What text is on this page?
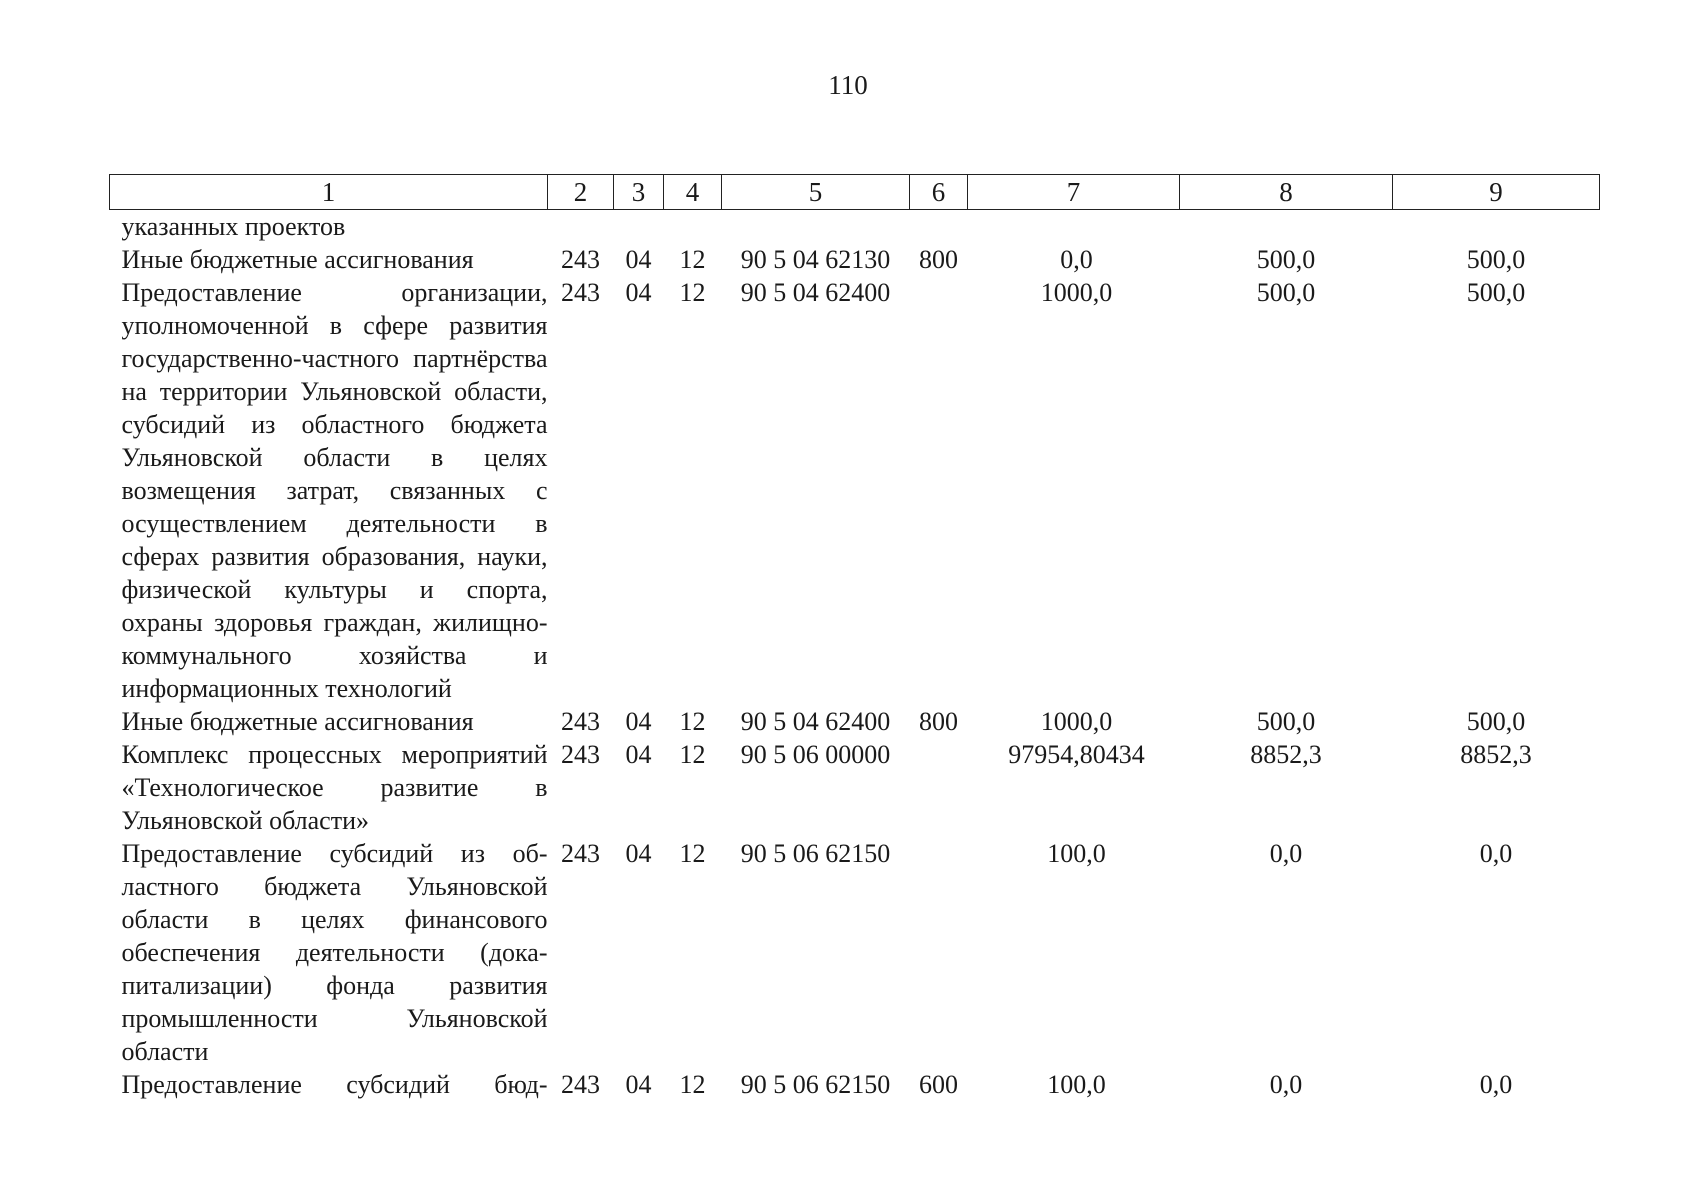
110
1	2	3	4	5	6	7	8	9
указанных проектов								
Иные бюджетные ассигнования	243	04	12	90 5 04 62130	800	0,0	500,0	500,0
Предоставление организации, уполномоченной в сфере развития государственно-частного партнёрства на территории Ульяновской области, субсидий из областного бюджета Ульяновской области в целях возмещения затрат, связанных с осуществлением деятельности в сферах развития образования, науки, физической культуры и спорта, охраны здоровья граждан, жилищно-коммунального хозяйства и информационных технологий	243	04	12	90 5 04 62400		1000,0	500,0	500,0
Иные бюджетные ассигнования	243	04	12	90 5 04 62400	800	1000,0	500,0	500,0
Комплекс процессных мероприятий «Технологическое развитие в Ульяновской области»	243	04	12	90 5 06 00000		97954,80434	8852,3	8852,3
Предоставление субсидий из областного бюджета Ульяновской области в целях финансового обеспечения деятельности (докапитализации) фонда развития промышленности Ульяновской области	243	04	12	90 5 06 62150		100,0	0,0	0,0
Предоставление субсидий бюд-	243	04	12	90 5 06 62150	600	100,0	0,0	0,0
